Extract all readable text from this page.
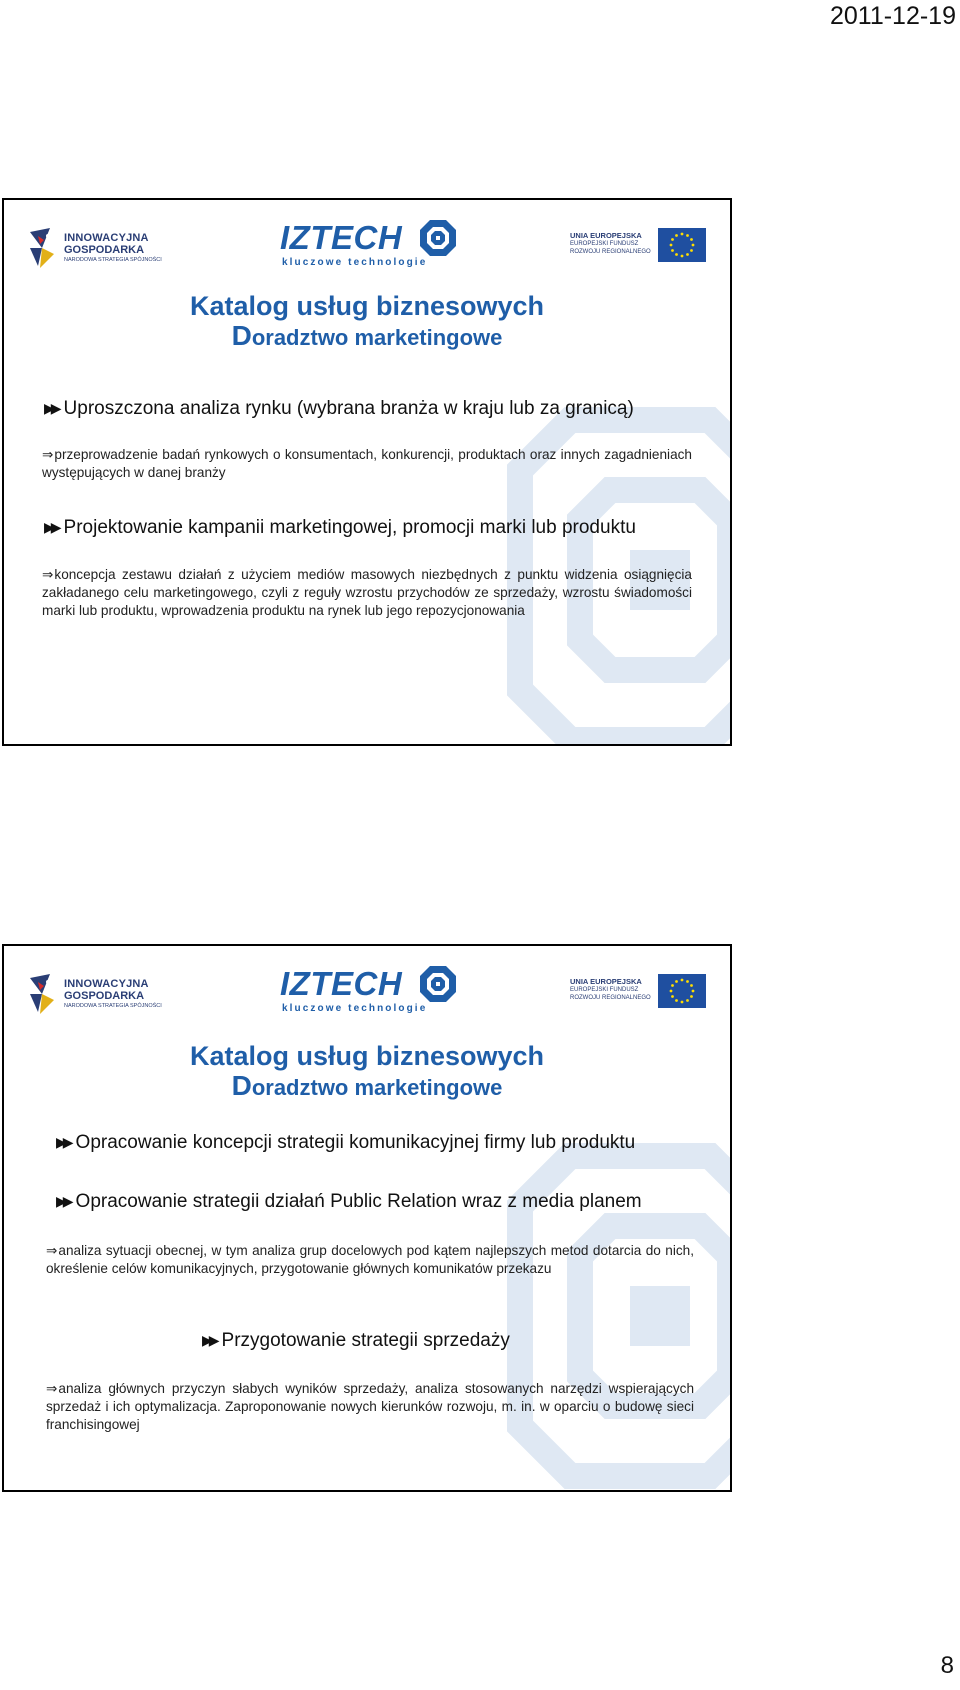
2011-12-19
INNOWACYJNA
GOSPODARKA
NARODOWA STRATEGIA SPÓJNOŚCI
IZTECH
kluczowe technologie
UNIA EUROPEJSKA
EUROPEJSKI FUNDUSZ
ROZWOJU REGIONALNEGO
Katalog usług biznesowych
Doradztwo marketingowe
▶▶ Uproszczona analiza rynku (wybrana branża w kraju lub za granicą)
⇒przeprowadzenie badań rynkowych o konsumentach, konkurencji, produktach oraz innych zagadnieniach występujących w danej branży
▶▶ Projektowanie kampanii marketingowej, promocji marki lub produktu
⇒koncepcja zestawu działań z użyciem mediów masowych niezbędnych z punktu widzenia osiągnięcia zakładanego celu marketingowego, czyli z reguły wzrostu przychodów ze sprzedaży, wzrostu świadomości marki lub produktu, wprowadzenia produktu na rynek lub jego repozycjonowania
INNOWACYJNA
GOSPODARKA
NARODOWA STRATEGIA SPÓJNOŚCI
IZTECH
kluczowe technologie
UNIA EUROPEJSKA
EUROPEJSKI FUNDUSZ
ROZWOJU REGIONALNEGO
Katalog usług biznesowych
Doradztwo marketingowe
▶▶ Opracowanie koncepcji strategii komunikacyjnej firmy lub produktu
▶▶ Opracowanie strategii działań Public Relation wraz z media planem
⇒analiza sytuacji obecnej, w tym analiza grup docelowych pod kątem najlepszych metod dotarcia do nich, określenie celów komunikacyjnych, przygotowanie głównych komunikatów przekazu
▶▶ Przygotowanie strategii sprzedaży
⇒analiza głównych przyczyn słabych wyników sprzedaży, analiza stosowanych narzędzi wspierających sprzedaż i ich optymalizacja. Zaproponowanie nowych kierunków rozwoju, m. in. w oparciu o budowę sieci franchisingowej
8
